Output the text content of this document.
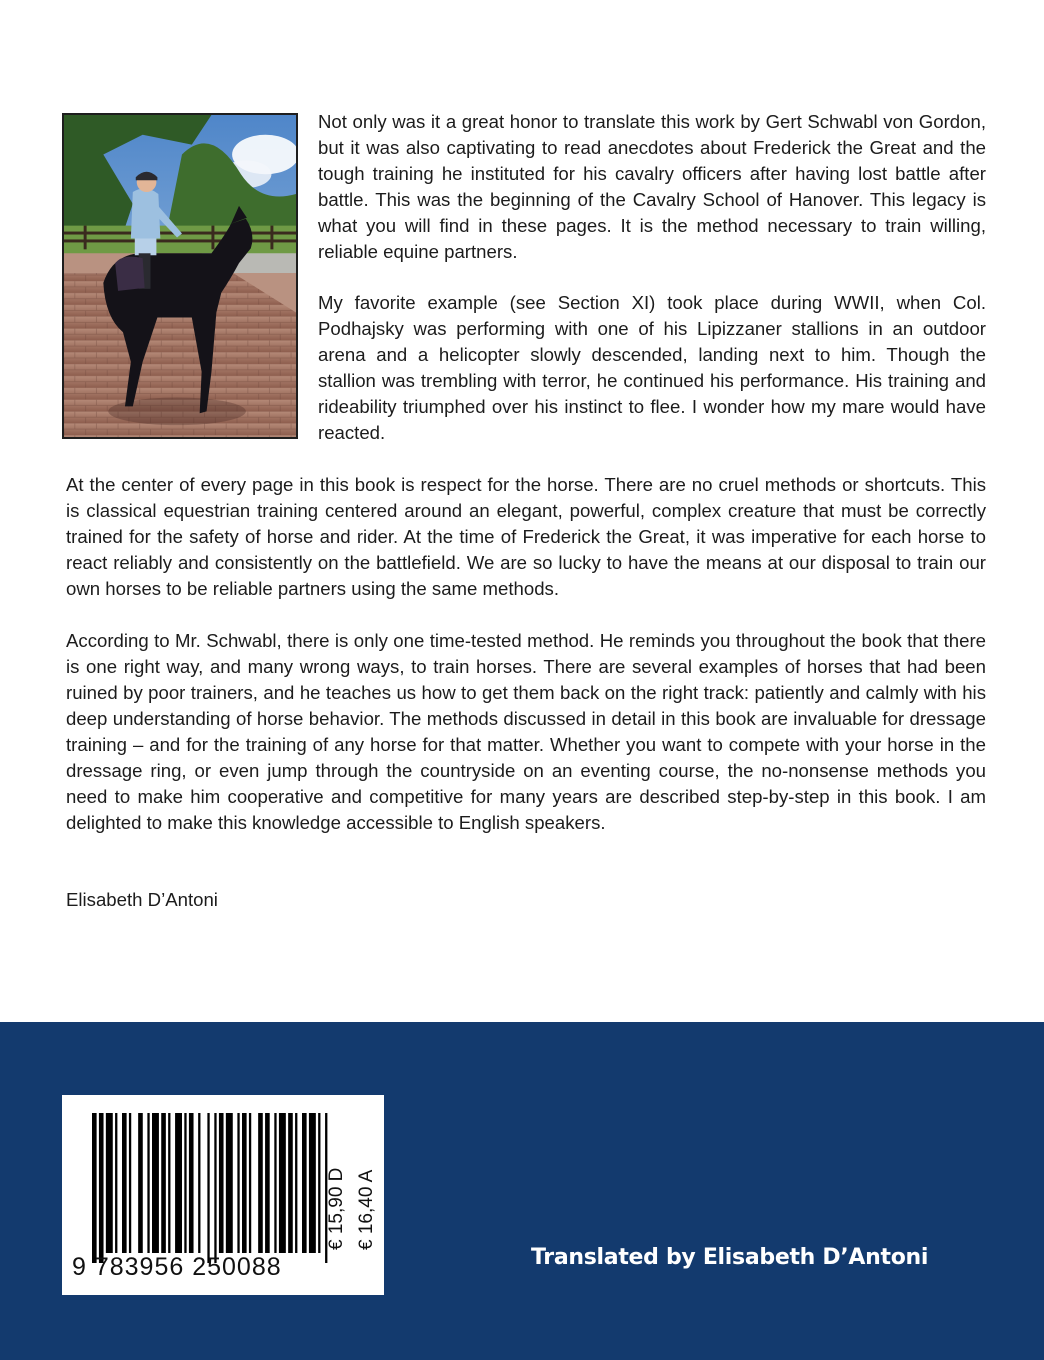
Not only was it a great honor to translate this work by Gert Schwabl von Gordon, but it was also captivating to read anecdotes about Frederick the Great and the tough training he instituted for his cavalry officers after having lost battle after battle. This was the beginning of the Cavalry School of Hanover. This legacy is what you will find in these pages. It is the method necessary to train willing, reliable equine partners.

My favorite example (see Section XI) took place during WWII, when Col. Podhajsky was performing with one of his Lipizzaner stallions in an outdoor arena and a helicopter slowly descended, landing next to him. Though the stallion was trembling with terror, he continued his performance. His training and rideability triumphed over his instinct to flee. I wonder how my mare would have reacted.

At the center of every page in this book is respect for the horse. There are no cruel methods or shortcuts. This is classical equestrian training centered around an elegant, powerful, complex creature that must be correctly trained for the safety of horse and rider. At the time of Frederick the Great, it was imperative for each horse to react reliably and consistently on the battlefield. We are so lucky to have the means at our disposal to train our own horses to be reliable partners using the same methods.

According to Mr. Schwabl, there is only one time-tested method. He reminds you throughout the book that there is one right way, and many wrong ways, to train horses. There are several examples of horses that had been ruined by poor trainers, and he teaches us how to get them back on the right track: patiently and calmly with his deep understanding of horse behavior. The methods discussed in detail in this book are invaluable for dressage training – and for the training of any horse for that matter. Whether you want to compete with your horse in the dressage ring, or even jump through the countryside on an eventing course, the no-nonsense methods you need to make him cooperative and competitive for many years are described step-by-step in this book. I am delighted to make this knowledge accessible to English speakers.

Elisabeth D’Antoni

9 783956 250088
€ 15,90 D € 16,40 A
Translated by Elisabeth D’Antoni
